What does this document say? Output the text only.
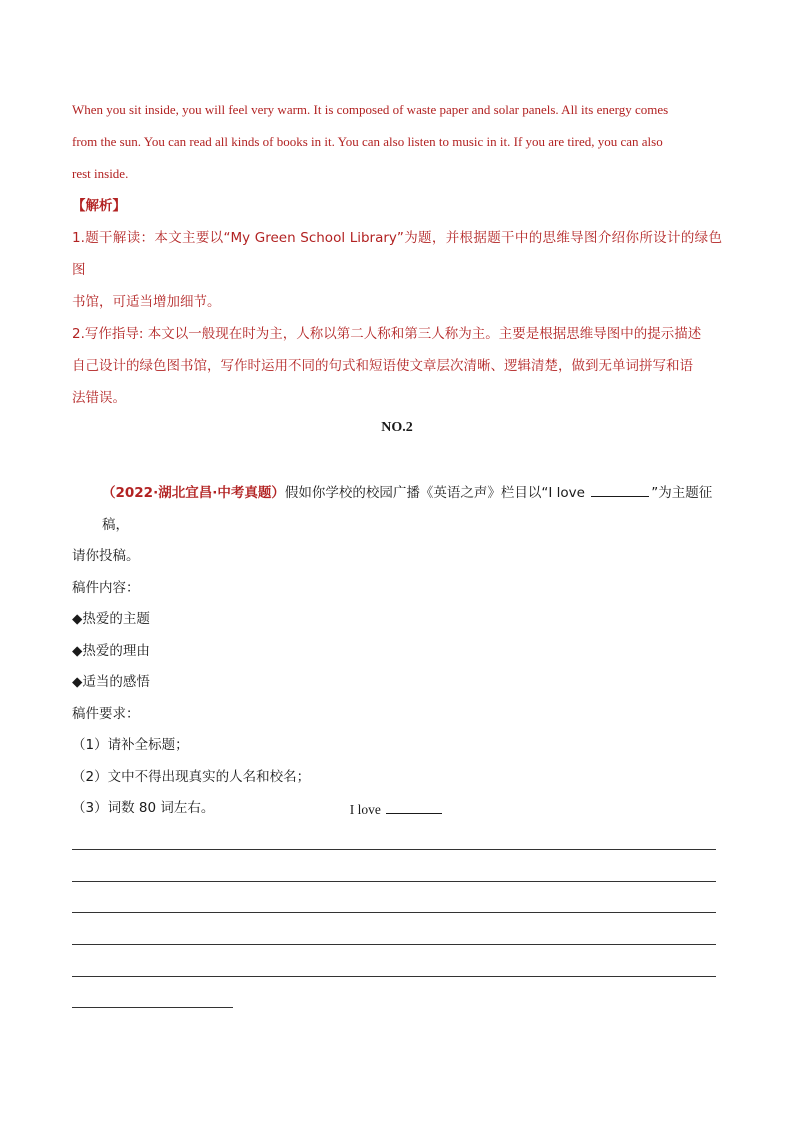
When you sit inside, you will feel very warm. It is composed of waste paper and solar panels. All its energy comes
from the sun. You can read all kinds of books in it. You can also listen to music in it. If you are tired, you can also
rest inside.
【解析】
1.题干解读：本文主要以“My Green School Library”为题，并根据题干中的思维导图介绍你所设计的绿色图
书馆，可适当增加细节。
2.写作指导: 本文以一般现在时为主，人称以第二人称和第三人称为主。主要是根据思维导图中的提示描述
自己设计的绿色图书馆，写作时运用不同的句式和短语使文章层次清晰、逻辑清楚，做到无单词拼写和语
法错误。
NO.2
（2022·湖北宜昌·中考真题）假如你学校的校园广播《英语之声》栏目以“I love	”为主题征稿，
请你投稿。
稿件内容：
◆热爱的主题
◆热爱的理由
◆适当的感悟
稿件要求：
（1）请补全标题；
（2）文中不得出现真实的人名和校名；
（3）词数 80 词左右。	I love
